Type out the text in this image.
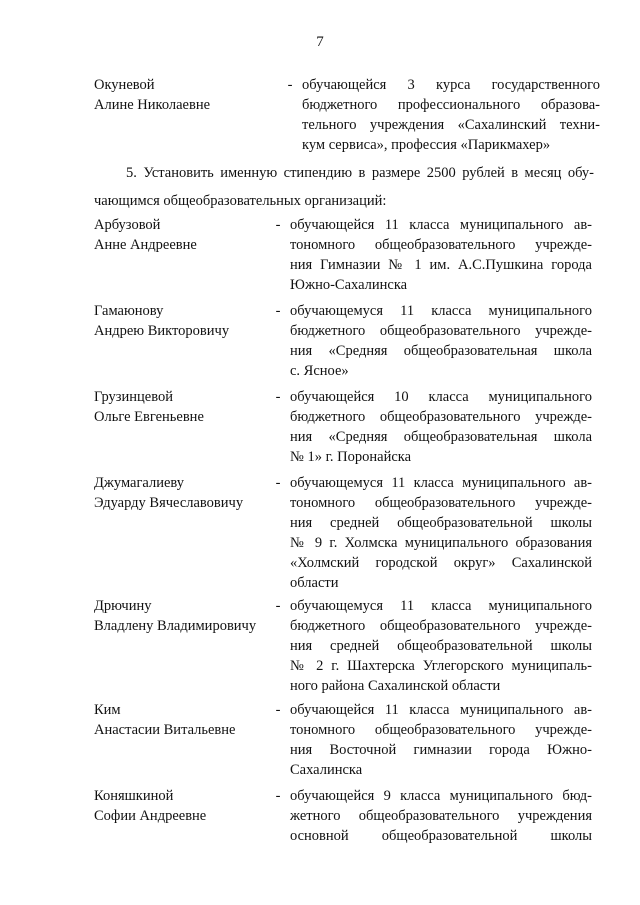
7
Окуневой
Алине Николаевне
- обучающейся 3 курса государственного
бюджетного профессионального образова-
тельного учреждения «Сахалинский техни-
кум сервиса», профессия «Парикмахер»
5. Установить именную стипендию в размере 2500 рублей в месяц обу-
чающимся общеобразовательных организаций:
Арбузовой
Анне Андреевне
- обучающейся 11 класса муниципального ав-
тономного общеобразовательного учрежде-
ния Гимназии № 1 им. А.С.Пушкина города
Южно-Сахалинска
Гамаюнову
Андрею Викторовичу
- обучающемуся 11 класса муниципального
бюджетного общеобразовательного учрежде-
ния «Средняя общеобразовательная школа
с. Ясное»
Грузинцевой
Ольге Евгеньевне
- обучающейся 10 класса муниципального
бюджетного общеобразовательного учрежде-
ния «Средняя общеобразовательная школа
№ 1» г. Поронайска
Джумагалиеву
Эдуарду Вячеславовичу
- обучающемуся 11 класса муниципального ав-
тономного общеобразовательного учрежде-
ния средней общеобразовательной школы
№ 9 г. Холмска муниципального образования
«Холмский городской округ» Сахалинской
области
Дрючину
Владлену Владимировичу
- обучающемуся 11 класса муниципального
бюджетного общеобразовательного учрежде-
ния средней общеобразовательной школы
№ 2 г. Шахтерска Углегорского муниципаль-
ного района Сахалинской области
Ким
Анастасии Витальевне
- обучающейся 11 класса муниципального ав-
тономного общеобразовательного учрежде-
ния Восточной гимназии города Южно-
Сахалинска
Коняшкиной
Софии Андреевне
- обучающейся 9 класса муниципального бюд-
жетного общеобразовательного учреждения
основной общеобразовательной школы
